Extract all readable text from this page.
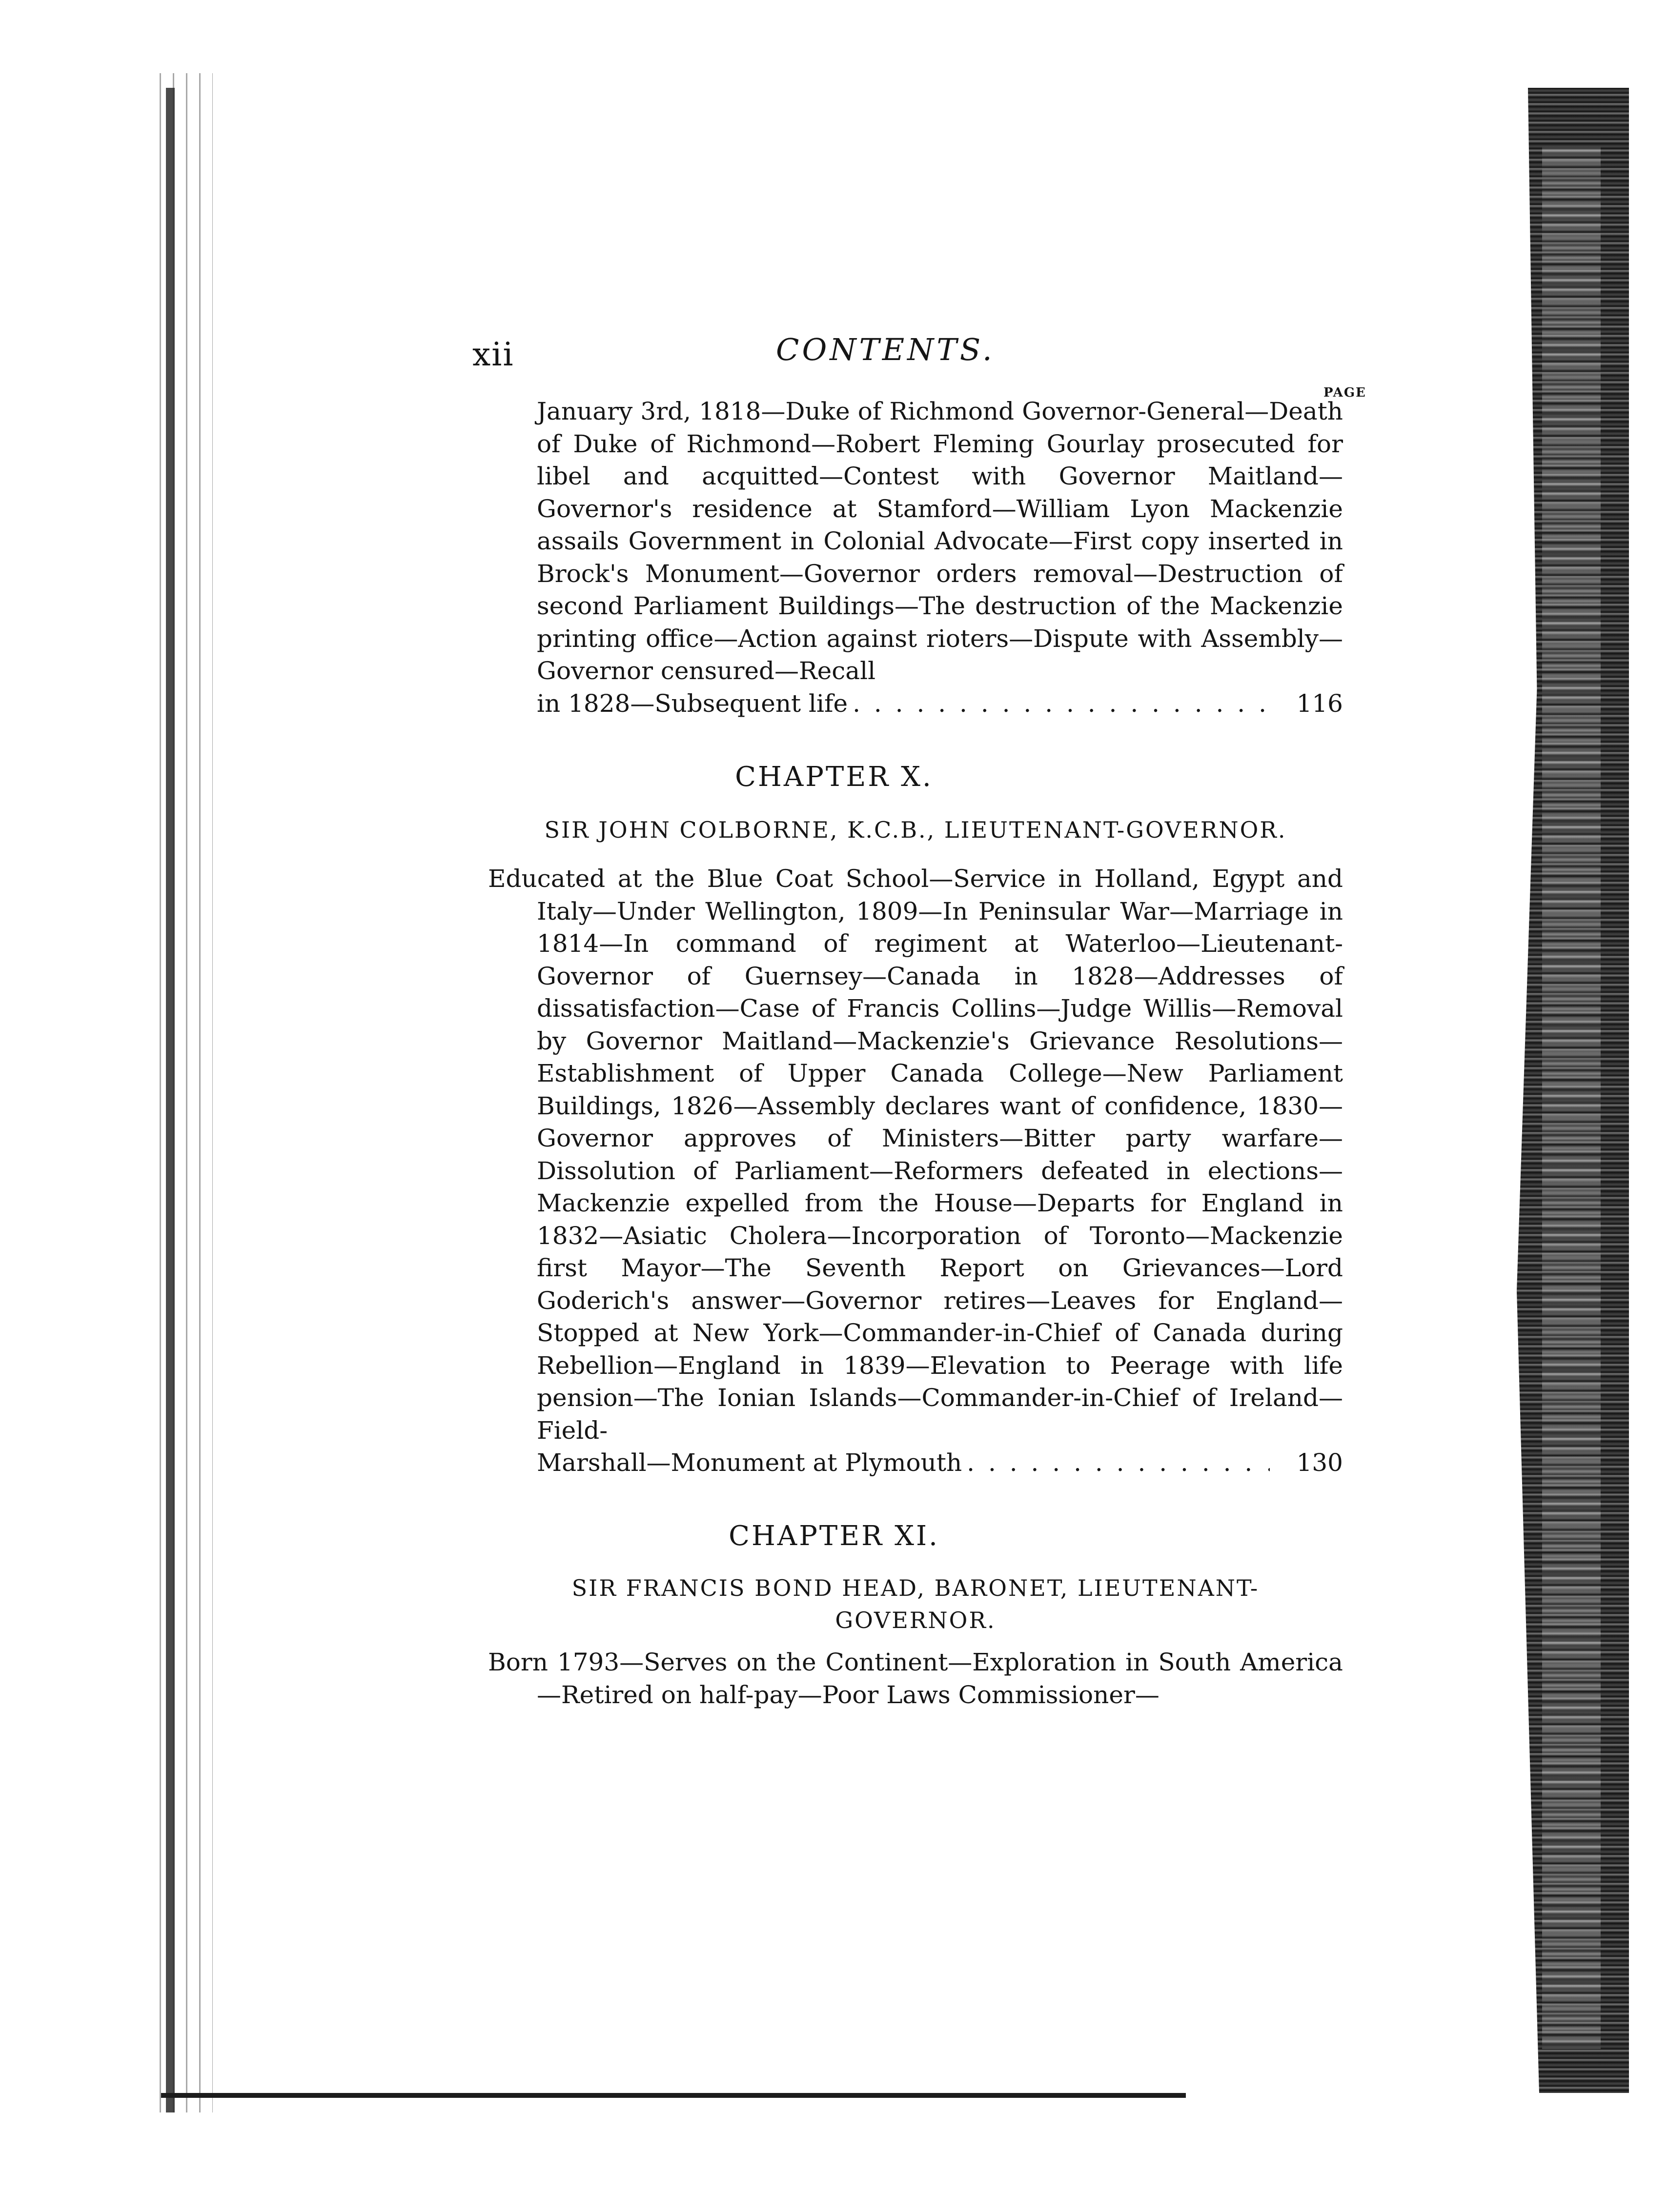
xii	CONTENTS.
PAGE
January 3rd, 1818—Duke of Richmond Governor-General—Death of Duke of Richmond—Robert Fleming Gourlay prosecuted for libel and acquitted—Contest with Governor Maitland—Governor's residence at Stamford—William Lyon Mackenzie assails Government in Colonial Advocate—First copy inserted in Brock's Monument—Governor orders removal—Destruction of second Parliament Buildings—The destruction of the Mackenzie printing office—Action against rioters—Dispute with Assembly—Governor censured—Recall
in 1828—Subsequent life . . .	116
CHAPTER X.
SIR JOHN COLBORNE, K.C.B., LIEUTENANT-GOVERNOR.
Educated at the Blue Coat School—Service in Holland, Egypt and Italy—Under Wellington, 1809—In Peninsular War—Marriage in 1814—In command of regiment at Waterloo—Lieutenant-Governor of Guernsey—Canada in 1828—Addresses of dissatisfaction—Case of Francis Collins—Judge Willis—Removal by Governor Maitland—Mackenzie's Grievance Resolutions—Establishment of Upper Canada College—New Parliament Buildings, 1826—Assembly declares want of confidence, 1830—Governor approves of Ministers—Bitter party warfare—Dissolution of Parliament—Reformers defeated in elections—Mackenzie expelled from the House—Departs for England in 1832—Asiatic Cholera—Incorporation of Toronto—Mackenzie first Mayor—The Seventh Report on Grievances—Lord Goderich's answer—Governor retires—Leaves for England—Stopped at New York—Commander-in-Chief of Canada during Rebellion—England in 1839—Elevation to Peerage with life pension—The Ionian Islands—Commander-in-Chief of Ireland—Field-
Marshall—Monument at Plymouth . . .	130
CHAPTER XI.
SIR FRANCIS BOND HEAD, BARONET, LIEUTENANT-
GOVERNOR.
Born 1793—Serves on the Continent—Exploration in South America—Retired on half-pay—Poor Laws Commissioner—
